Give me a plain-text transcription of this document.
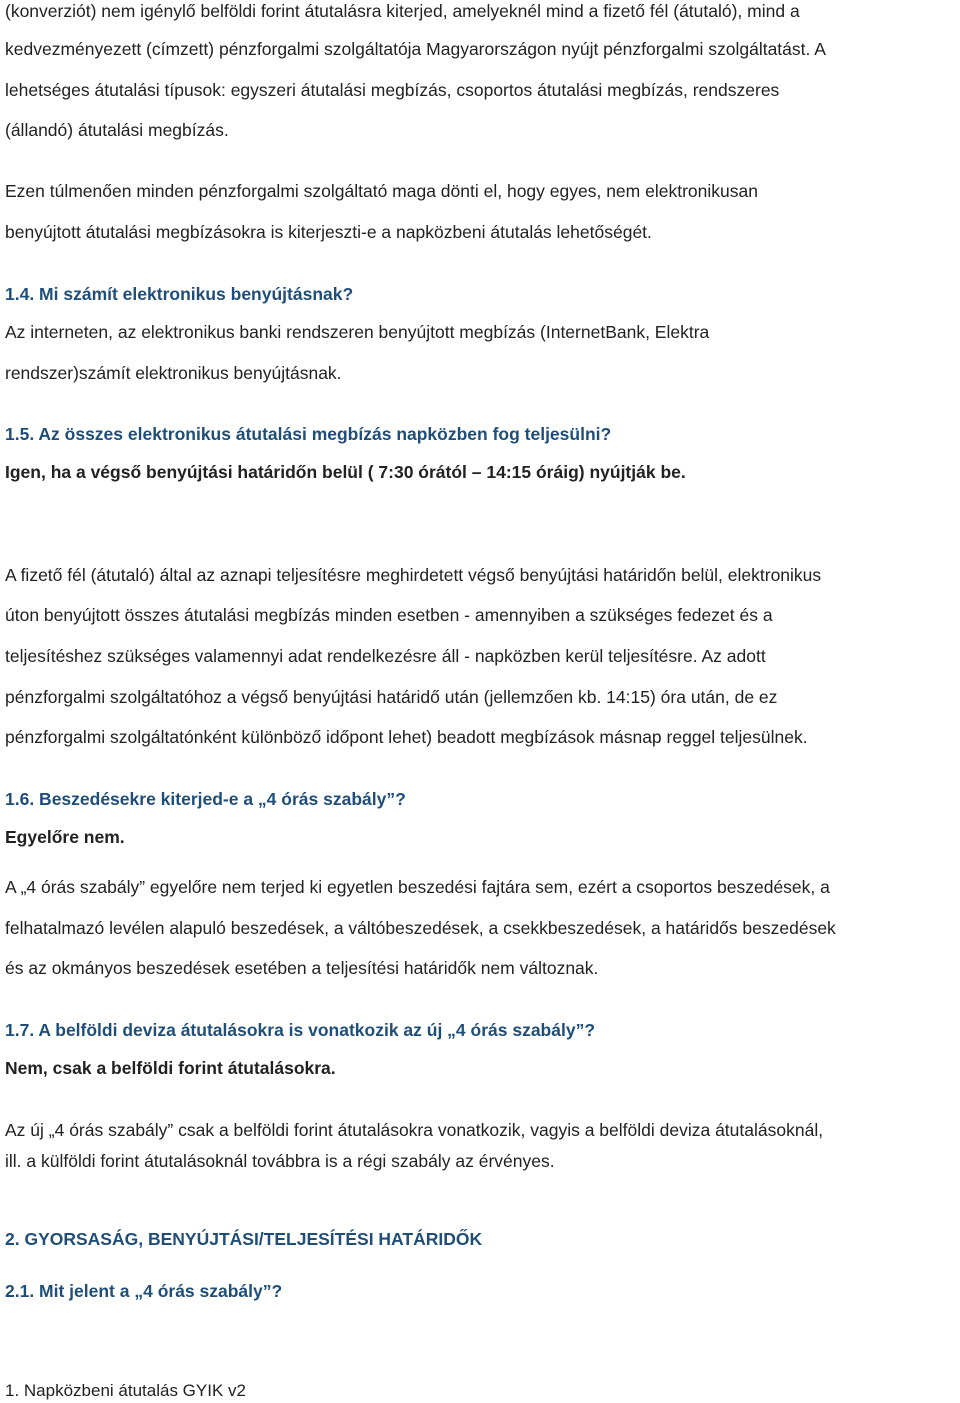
(konverziót) nem igénylő belföldi forint átutalásra kiterjed, amelyeknél mind a fizető fél (átutaló), mind a
kedvezményezett (címzett) pénzforgalmi szolgáltatója Magyarországon nyújt pénzforgalmi szolgáltatást. A
lehetséges átutalási típusok: egyszeri átutalási megbízás, csoportos átutalási megbízás, rendszeres
(állandó) átutalási megbízás.
Ezen túlmenően minden pénzforgalmi szolgáltató maga dönti el, hogy egyes, nem elektronikusan
benyújtott átutalási megbízásokra is kiterjeszti-e a napközbeni átutalás lehetőségét.
1.4. Mi számít elektronikus benyújtásnak?
Az interneten, az elektronikus banki rendszeren benyújtott megbízás (InternetBank, Elektra
rendszer)számít elektronikus benyújtásnak.
1.5. Az összes elektronikus átutalási megbízás napközben fog teljesülni?
Igen, ha a végső benyújtási határidőn belül ( 7:30 órától – 14:15 óráig) nyújtják be.
A fizető fél (átutaló) által az aznapi teljesítésre meghirdetett végső benyújtási határidőn belül, elektronikus
úton benyújtott összes átutalási megbízás minden esetben - amennyiben a szükséges fedezet és a
teljesítéshez szükséges valamennyi adat rendelkezésre áll - napközben kerül teljesítésre. Az adott
pénzforgalmi szolgáltatóhoz a végső benyújtási határidő után (jellemzően kb. 14:15) óra után, de ez
pénzforgalmi szolgáltatónként különböző időpont lehet) beadott megbízások másnap reggel teljesülnek.
1.6. Beszedésekre kiterjed-e a „4 órás szabály”?
Egyelőre nem.
A „4 órás szabály” egyelőre nem terjed ki egyetlen beszedési fajtára sem, ezért a csoportos beszedések, a
felhatalmazó levélen alapuló beszedések, a váltóbeszedések, a csekkbeszedések, a határidős beszedések
és az okmányos beszedések esetében a teljesítési határidők nem változnak.
1.7. A belföldi deviza átutalásokra is vonatkozik az új „4 órás szabály”?
Nem, csak a belföldi forint átutalásokra.
Az új „4 órás szabály” csak a belföldi forint átutalásokra vonatkozik, vagyis a belföldi deviza átutalásoknál,
ill. a külföldi forint átutalásoknál továbbra is a régi szabály az érvényes.
2. GYORSASÁG, BENYÚJTÁSI/TELJESÍTÉSI HATÁRIDŐK
2.1. Mit jelent a „4 órás szabály”?
1. Napközbeni átutalás GYIK v2
